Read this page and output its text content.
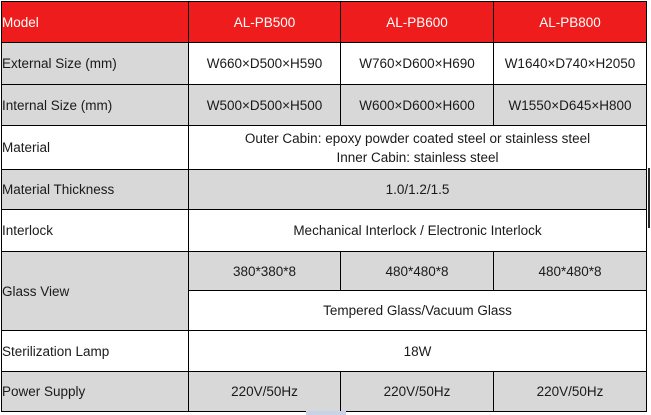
Model	AL-PB500	AL-PB600	AL-PB800
External Size (mm)	W660×D500×H590	W760×D600×H690	W1640×D740×H2050
Internal Size (mm)	W500×D500×H500	W600×D600×H600	W1550×D645×H800
Material	Outer Cabin: epoxy powder coated steel or stainless steel
Inner Cabin: stainless steel		

Material Thickness	1.0/1.2/1.5		
Interlock	Mechanical Interlock / Electronic Interlock		
Glass View	380*380*8	480*480*8	480*480*8
	Tempered Glass/Vacuum Glass		
Sterilization Lamp	18W		
Power Supply	220V/50Hz	220V/50Hz	220V/50Hz
